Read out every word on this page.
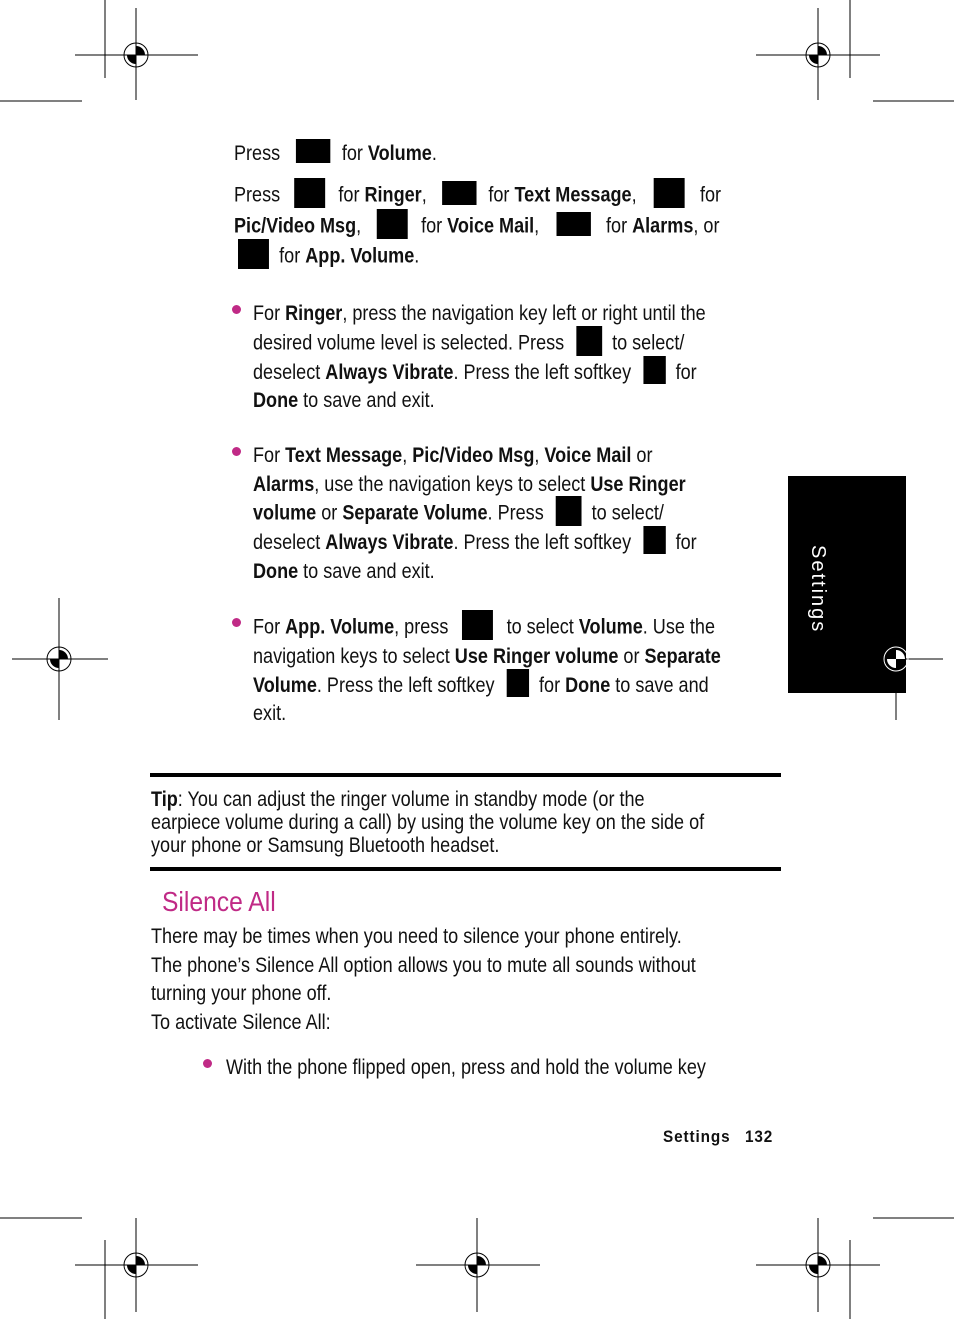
Settings
Press	for Volume.
Press	for Ringer,	for Text Message,	for
Pic/Video Msg,	for Voice Mail,	for Alarms, or
for App. Volume.
For Ringer, press the navigation key left or right until the
desired volume level is selected. Press to select/
deselect Always Vibrate. Press the left softkey for
Done to save and exit.
For Text Message, Pic/Video Msg, Voice Mail or
Alarms, use the navigation keys to select Use Ringer
volume or Separate Volume. Press to select/
deselect Always Vibrate. Press the left softkey for
Done to save and exit.
For App. Volume, press	to select Volume. Use the
navigation keys to select Use Ringer volume or Separate
Volume. Press the left softkey for Done to save and
exit.
Tip: You can adjust the ringer volume in standby mode (or the
earpiece volume during a call) by using the volume key on the side of
your phone or Samsung Bluetooth headset.
Silence All
There may be times when you need to silence your phone entirely.
The phone’s Silence All option allows you to mute all sounds without
turning your phone off.
To activate Silence All:
With the phone flipped open, press and hold the volume key
Settings 132
